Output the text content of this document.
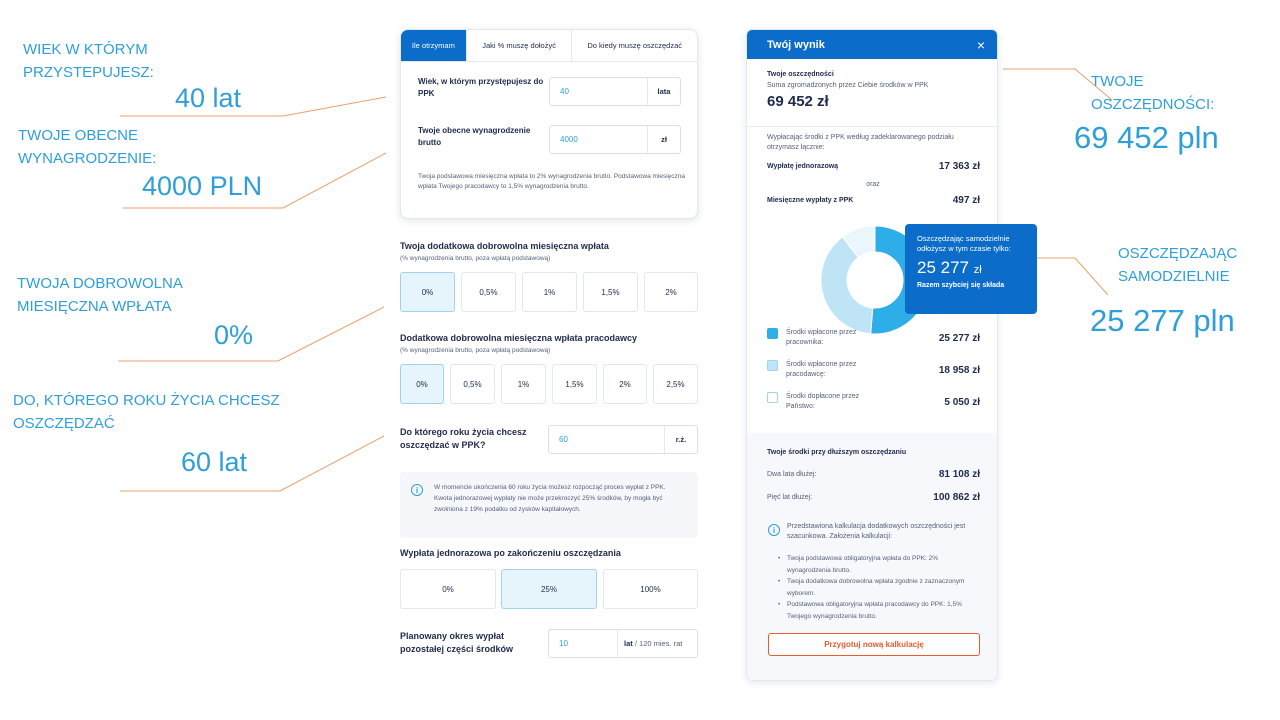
WIEK W KTÓRYM PRZYSTEPUJESZ:
40 lat
TWOJE OBECNE WYNAGRODZENIE:
4000 PLN
TWOJA DOBROWOLNA MIESIĘCZNA WPŁATA
0%
DO, KTÓREGO ROKU ŻYCIA CHCESZ OSZCZĘDZAĆ
60 lat
TWOJE OSZCZĘDNOŚCI:
69 452 pln
OSZCZĘDZAJĄC SAMODZIELNIE
25 277 pln
Ile otrzymam	Jaki % muszę dołożyć	Do kiedy muszę oszczędzać
Wiek, w którym przystępujesz do PPK	40	lata
Twoje obecne wynagrodzenie brutto	4000	zł
Twoja podstawowa miesięczna wpłata to 2% wynagrodzenia brutto. Podstawowa miesięczna wpłata Twojego pracodawcy to 1,5% wynagrodzenia brutto.
Twoja dodatkowa dobrowolna miesięczna wpłata
(% wynagrodzenia brutto, poza wpłatą podstawową)
0%	0,5%	1%	1,5%	2%
Dodatkowa dobrowolna miesięczna wpłata pracodawcy
(% wynagrodzenia brutto, poza wpłatą podstawową)
0%	0,5%	1%	1,5%	2%	2,5%
Do którego roku życia chcesz oszczędzać w PPK?
60	r.ż.
i	W momencie ukończenia 60 roku życia możesz rozpocząć proces wypłat z PPK. Kwota jednorazowej wypłaty nie może przekroczyć 25% środków, by mogła być zwolniona z 19% podatku od zysków kapitałowych.
Wypłata jednorazowa po zakończeniu oszczędzania
0%	25%	100%
Planowany okres wypłat pozostałej części środków
10	lat
/ 120 mies. rat
Twój wynik	×
Twoje oszczędności
Suma zgromadzonych przez Ciebie środków w PPK
69 452 zł
Wypłacając środki z PPK według zadeklarowanego podziału otrzymasz łącznie:
Wypłatę jednorazową	17 363 zł
oraz
Miesięczne wypłaty z PPK	497 zł
Środki wpłacone przez pracownika:	25 277 zł
Środki wpłacone przez pracodawcę:	18 958 zł
Środki dopłacone przez Państwo:	5 050 zł
Twoje środki przy dłuższym oszczędzaniu
Dwa lata dłużej:	81 108 zł
Pięć lat dłużej:	100 862 zł
i	Przedstawiona kalkulacja dodatkowych oszczędności jest szacunkowa. Założenia kalkulacji:
• Twoja podstawowa obligatoryjna wpłata do PPK: 2% wynagrodzenia brutto.
• Twoja dodatkowa dobrowolna wpłata zgodnie z zaznaczonym wyborem.
• Podstawowa obligatoryjna wpłata pracodawcy do PPK: 1,5% Twojego wynagrodzenia brutto.
Przygotuj nową kalkulację
Oszczędzając samodzielnie odłożysz w tym czasie tylko:
25 277 zł
Razem szybciej się składa
